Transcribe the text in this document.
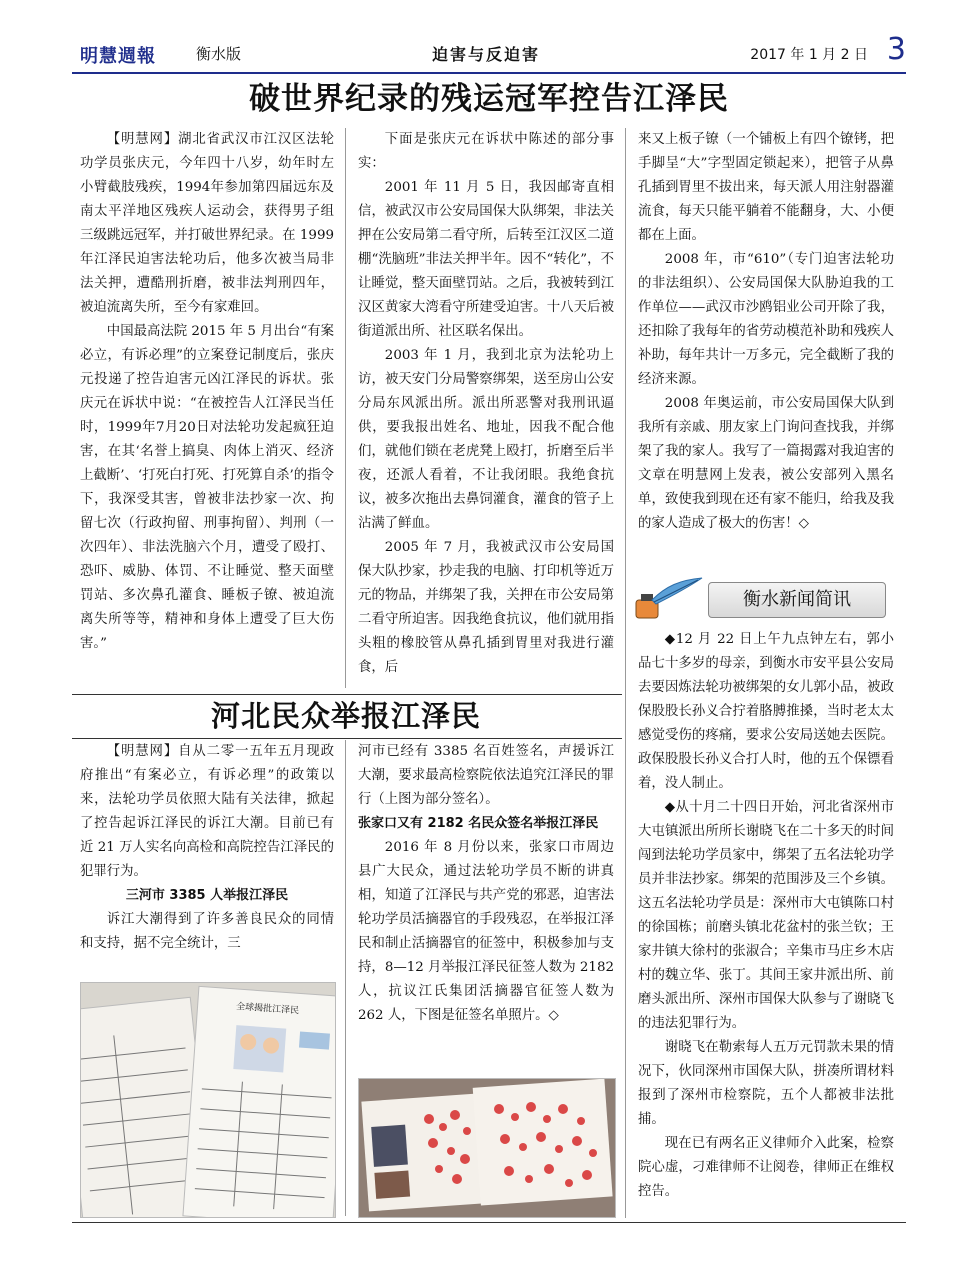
明慧週報	衡水版	迫害与反迫害	2017 年 1 月 2 日 3
破世界纪录的残运冠军控告江泽民

【明慧网】湖北省武汉市江汉区法轮功学员张庆元，今年四十八岁，幼年时左小臂截肢残疾，1994年参加第四届远东及南太平洋地区残疾人运动会，获得男子组三级跳远冠军，并打破世界纪录。在 1999 年江泽民迫害法轮功后，他多次被当局非法关押，遭酷刑折磨，被非法判刑四年，被迫流离失所，至今有家难回。

中国最高法院 2015 年 5 月出台“有案必立，有诉必理”的立案登记制度后，张庆元投递了控告迫害元凶江泽民的诉状。张庆元在诉状中说：“在被控告人江泽民当任时，1999年7月20日对法轮功发起疯狂迫害，在其‘名誉上搞臭、肉体上消灭、经济上截断’、‘打死白打死、打死算自杀’的指令下，我深受其害，曾被非法抄家一次、拘留七次（行政拘留、刑事拘留）、判刑（一次四年）、非法洗脑六个月，遭受了殴打、恐吓、威胁、体罚、不让睡觉、整天面壁罚站、多次鼻孔灌食、睡板子镣、被迫流离失所等等，精神和身体上遭受了巨大伤害。”

下面是张庆元在诉状中陈述的部分事实：

2001 年 11 月 5 日，我因邮寄直相信，被武汉市公安局国保大队绑架，非法关押在公安局第二看守所，后转至江汉区二道棚“洗脑班”非法关押半年。因不“转化”，不让睡觉，整天面壁罚站。之后，我被转到江汉区黄家大湾看守所建受迫害。十八天后被街道派出所、社区联名保出。

2003 年 1 月，我到北京为法轮功上访，被天安门分局警察绑架，送至房山公安分局东风派出所。派出所恶警对我刑讯逼供，要我报出姓名、地址，因我不配合他们，就他们锁在老虎凳上殴打，折磨至后半夜，还派人看着，不让我闭眼。我绝食抗议，被多次拖出去鼻饲灌食，灌食的管子上沾满了鲜血。

2005 年 7 月，我被武汉市公安局国保大队抄家，抄走我的电脑、打印机等近万元的物品，并绑架了我，关押在市公安局第二看守所迫害。因我绝食抗议，他们就用指头粗的橡胶管从鼻孔插到胃里对我进行灌食，后

来又上板子镣（一个铺板上有四个镣铐，把手脚呈“大”字型固定锁起来），把管子从鼻孔插到胃里不拔出来，每天派人用注射器灌流食，每天只能平躺着不能翻身，大、小便都在上面。

2008 年，市“610”（专门迫害法轮功的非法组织）、公安局国保大队胁迫我的工作单位——武汉市沙鸥铝业公司开除了我，还扣除了我每年的省劳动模范补助和残疾人补助，每年共计一万多元，完全截断了我的经济来源。

2008 年奥运前，市公安局国保大队到我所有亲戚、朋友家上门询问查找我，并绑架了我的家人。我写了一篇揭露对我迫害的文章在明慧网上发表，被公安部列入黑名单，致使我到现在还有家不能归，给我及我的家人造成了极大的伤害！◇

衡水新闻简讯

◆12 月 22 日上午九点钟左右，郭小品七十多岁的母亲，到衡水市安平县公安局去要因炼法轮功被绑架的女儿郭小品，被政保股股长孙义合拧着胳膊推搡，当时老太太感觉受伤的疼痛，要求公安局送她去医院。政保股股长孙义合打人时，他的五个保镖看着，没人制止。

◆从十月二十四日开始，河北省深州市大屯镇派出所所长谢晓飞在二十多天的时间闯到法轮功学员家中，绑架了五名法轮功学员并非法抄家。绑架的范围涉及三个乡镇。这五名法轮功学员是：深州市大屯镇陈口村的徐国栋；前磨头镇北花盆村的张兰钦；王家井镇大徐村的张淑合；辛集市马庄乡木店村的魏立华、张丁。其间王家井派出所、前磨头派出所、深州市国保大队参与了谢晓飞的违法犯罪行为。

谢晓飞在勒索每人五万元罚款未果的情况下，伙同深州市国保大队，拼凑所谓材料报到了深州市检察院，五个人都被非法批捕。

现在已有两名正义律师介入此案，检察院心虚，刁难律师不让阅卷，律师正在维权控告。

河北民众举报江泽民

【明慧网】自从二零一五年五月现政府推出“有案必立，有诉必理”的政策以来，法轮功学员依照大陆有关法律，掀起了控告起诉江泽民的诉江大潮。目前已有近 21 万人实名向高检和高院控告江泽民的犯罪行为。

三河市 3385 人举报江泽民

诉江大潮得到了许多善良民众的同情和支持，据不完全统计，三

全球揭批江泽民

河市已经有 3385 名百姓签名，声援诉江大潮，要求最高检察院依法追究江泽民的罪行（上图为部分签名）。

张家口又有 2182 名民众签名举报江泽民

2016 年 8 月份以来，张家口市周边县广大民众，通过法轮功学员不断的讲真相，知道了江泽民与共产党的邪恶，迫害法轮功学员活摘器官的手段残忍，在举报江泽民和制止活摘器官的征签中，积极参加与支持，8—12 月举报江泽民征签人数为 2182 人，抗议江氏集团活摘器官征签人数为 262 人，下图是征签名单照片。◇
